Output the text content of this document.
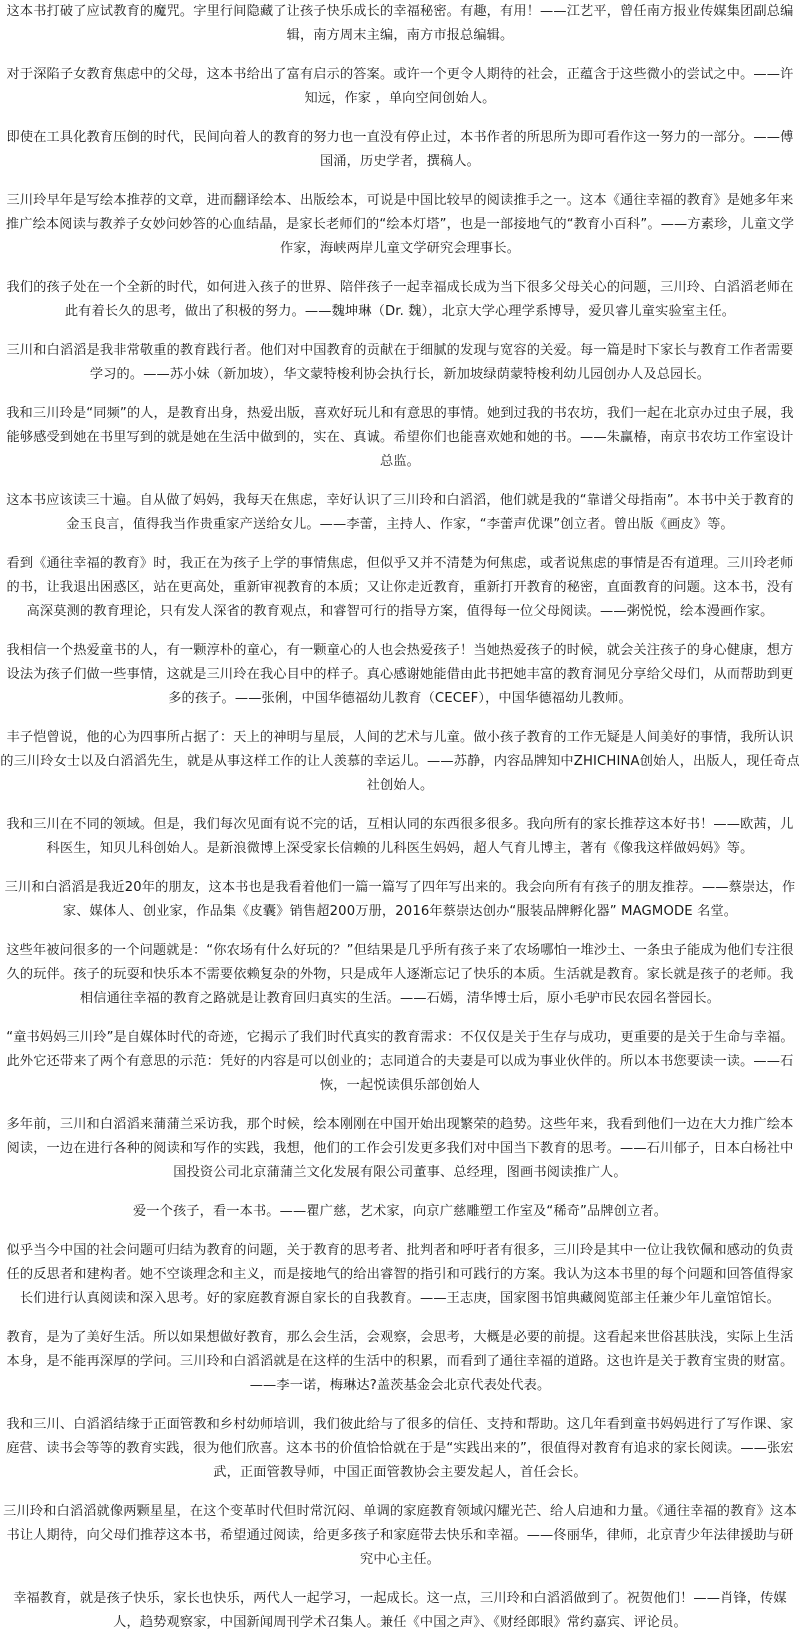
这本书打破了应试教育的魔咒。字里行间隐藏了让孩子快乐成长的幸福秘密。有趣，有用！——江艺平，曾任南方报业传媒集团副总编辑，南方周末主编，南方市报总编辑。

对于深陷子女教育焦虑中的父母，这本书给出了富有启示的答案。或许一个更令人期待的社会，正蕴含于这些微小的尝试之中。——许知远，作家 ，单向空间创始人。

即使在工具化教育压倒的时代，民间向着人的教育的努力也一直没有停止过，本书作者的所思所为即可看作这一努力的一部分。——傅国涌，历史学者，撰稿人。

三川玲早年是写绘本推荐的文章，进而翻译绘本、出版绘本，可说是中国比较早的阅读推手之一。这本《通往幸福的教育》是她多年来推广绘本阅读与教养子女妙问妙答的心血结晶，是家长老师们的“绘本灯塔”，也是一部接地气的“教育小百科”。——方素珍，儿童文学作家，海峡两岸儿童文学研究会理事长。

我们的孩子处在一个全新的时代，如何进入孩子的世界、陪伴孩子一起幸福成长成为当下很多父母关心的问题，三川玲、白滔滔老师在此有着长久的思考，做出了积极的努力。——魏坤琳（Dr. 魏），北京大学心理学系博导，爱贝睿儿童实验室主任。

三川和白滔滔是我非常敬重的教育践行者。他们对中国教育的贡献在于细腻的发现与宽容的关爱。每一篇是时下家长与教育工作者需要学习的。——苏小妹（新加坡），华文蒙特梭利协会执行长，新加坡绿荫蒙特梭利幼儿园创办人及总园长。

我和三川玲是“同频”的人，是教育出身，热爱出版，喜欢好玩儿和有意思的事情。她到过我的书农坊，我们一起在北京办过虫子展，我能够感受到她在书里写到的就是她在生活中做到的，实在、真诚。希望你们也能喜欢她和她的书。——朱赢椿，南京书农坊工作室设计总监。

这本书应该读三十遍。自从做了妈妈，我每天在焦虑，幸好认识了三川玲和白滔滔，他们就是我的“靠谱父母指南”。本书中关于教育的金玉良言，值得我当作贵重家产送给女儿。——李蕾，主持人、作家，“李蕾声优课”创立者。曾出版《画皮》等。

看到《通往幸福的教育》时，我正在为孩子上学的事情焦虑，但似乎又并不清楚为何焦虑，或者说焦虑的事情是否有道理。三川玲老师的书，让我退出困惑区，站在更高处，重新审视教育的本质；又让你走近教育，重新打开教育的秘密，直面教育的问题。这本书，没有高深莫测的教育理论，只有发人深省的教育观点，和睿智可行的指导方案，值得每一位父母阅读。——粥悦悦，绘本漫画作家。

我相信一个热爱童书的人，有一颗淳朴的童心，有一颗童心的人也会热爱孩子！当她热爱孩子的时候，就会关注孩子的身心健康，想方设法为孩子们做一些事情，这就是三川玲在我心目中的样子。真心感谢她能借由此书把她丰富的教育洞见分享给父母们，从而帮助到更多的孩子。——张俐，中国华德福幼儿教育（CECEF），中国华德福幼儿教师。

丰子恺曾说，他的心为四事所占据了：天上的神明与星辰，人间的艺术与儿童。做小孩子教育的工作无疑是人间美好的事情，我所认识的三川玲女士以及白滔滔先生，就是从事这样工作的让人羡慕的幸运儿。——苏静，内容品牌知中ZHICHINA创始人，出版人，现任奇点社创始人。

我和三川在不同的领域。但是，我们每次见面有说不完的话，互相认同的东西很多很多。我向所有的家长推荐这本好书！——欧茜，儿科医生，知贝儿科创始人。是新浪微博上深受家长信赖的儿科医生妈妈，超人气育儿博主，著有《像我这样做妈妈》等。

三川和白滔滔是我近20年的朋友，这本书也是我看着他们一篇一篇写了四年写出来的。我会向所有有孩子的朋友推荐。——蔡崇达，作家、媒体人、创业家，作品集《皮囊》销售超200万册，2016年蔡崇达创办“服装品牌孵化器” MAGMODE 名堂。

这些年被问很多的一个问题就是：“你农场有什么好玩的？”但结果是几乎所有孩子来了农场哪怕一堆沙土、一条虫子能成为他们专注很久的玩伴。孩子的玩耍和快乐本不需要依赖复杂的外物，只是成年人逐渐忘记了快乐的本质。生活就是教育。家长就是孩子的老师。我相信通往幸福的教育之路就是让教育回归真实的生活。——石嫣，清华博士后，原小毛驴市民农园名誉园长。

“童书妈妈三川玲”是自媒体时代的奇迹，它揭示了我们时代真实的教育需求：不仅仅是关于生存与成功，更重要的是关于生命与幸福。此外它还带来了两个有意思的示范：凭好的内容是可以创业的；志同道合的夫妻是可以成为事业伙伴的。所以本书您要读一读。——石恢，一起悦读俱乐部创始人

多年前，三川和白滔滔来蒲蒲兰采访我，那个时候，绘本刚刚在中国开始出现繁荣的趋势。这些年来，我看到他们一边在大力推广绘本阅读，一边在进行各种的阅读和写作的实践，我想，他们的工作会引发更多我们对中国当下教育的思考。——石川郁子，日本白杨社中国投资公司北京蒲蒲兰文化发展有限公司董事、总经理，图画书阅读推广人。

爱一个孩子，看一本书。——瞿广慈，艺术家，向京广慈雕塑工作室及“稀奇”品牌创立者。

似乎当今中国的社会问题可归结为教育的问题，关于教育的思考者、批判者和呼吁者有很多，三川玲是其中一位让我钦佩和感动的负责任的反思者和建构者。她不空谈理念和主义，而是接地气的给出睿智的指引和可践行的方案。我认为这本书里的每个问题和回答值得家长们进行认真阅读和深入思考。好的家庭教育源自家长的自我教育。——王志庚，国家图书馆典藏阅览部主任兼少年儿童馆馆长。

教育，是为了美好生活。所以如果想做好教育，那么会生活，会观察，会思考，大概是必要的前提。这看起来世俗甚肤浅，实际上生活本身，是不能再深厚的学问。三川玲和白滔滔就是在这样的生活中的积累，而看到了通往幸福的道路。这也许是关于教育宝贵的财富。——李一诺，梅琳达?盖茨基金会北京代表处代表。

我和三川、白滔滔结缘于正面管教和乡村幼师培训，我们彼此给与了很多的信任、支持和帮助。这几年看到童书妈妈进行了写作课、家庭营、读书会等等的教育实践，很为他们欣喜。这本书的价值恰恰就在于是“实践出来的”，很值得对教育有追求的家长阅读。——张宏武，正面管教导师，中国正面管教协会主要发起人，首任会长。

三川玲和白滔滔就像两颗星星，在这个变革时代但时常沉闷、单调的家庭教育领域闪耀光芒、给人启迪和力量。《通往幸福的教育》这本书让人期待，向父母们推荐这本书，希望通过阅读，给更多孩子和家庭带去快乐和幸福。——佟丽华，律师，北京青少年法律援助与研究中心主任。

幸福教育，就是孩子快乐，家长也快乐，两代人一起学习，一起成长。这一点，三川玲和白滔滔做到了。祝贺他们！——肖锋，传媒人，趋势观察家，中国新闻周刊学术召集人。兼任《中国之声》、《财经郎眼》常约嘉宾、评论员。
